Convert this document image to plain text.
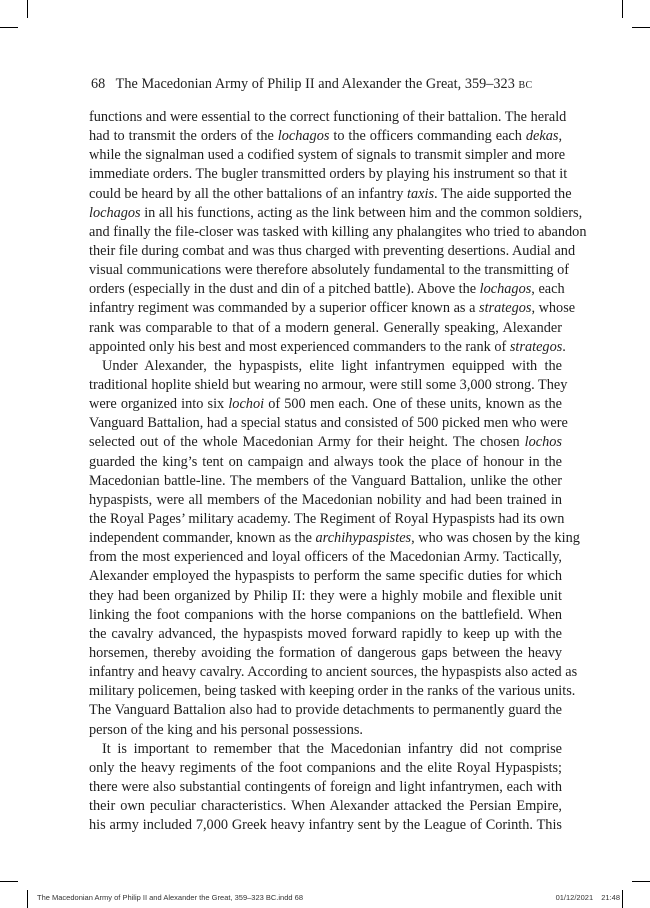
68 The Macedonian Army of Philip II and Alexander the Great, 359–323 BC
functions and were essential to the correct functioning of their battalion. The herald
had to transmit the orders of the lochagos to the officers commanding each dekas,
while the signalman used a codified system of signals to transmit simpler and more
immediate orders. The bugler transmitted orders by playing his instrument so that it
could be heard by all the other battalions of an infantry taxis. The aide supported the
lochagos in all his functions, acting as the link between him and the common soldiers,
and finally the file-closer was tasked with killing any phalangites who tried to abandon
their file during combat and was thus charged with preventing desertions. Audial and
visual communications were therefore absolutely fundamental to the transmitting of
orders (especially in the dust and din of a pitched battle). Above the lochagos, each
infantry regiment was commanded by a superior officer known as a strategos, whose
rank was comparable to that of a modern general. Generally speaking, Alexander
appointed only his best and most experienced commanders to the rank of strategos.
Under Alexander, the hypaspists, elite light infantrymen equipped with the
traditional hoplite shield but wearing no armour, were still some 3,000 strong. They
were organized into six lochoi of 500 men each. One of these units, known as the
Vanguard Battalion, had a special status and consisted of 500 picked men who were
selected out of the whole Macedonian Army for their height. The chosen lochos
guarded the king’s tent on campaign and always took the place of honour in the
Macedonian battle-line. The members of the Vanguard Battalion, unlike the other
hypaspists, were all members of the Macedonian nobility and had been trained in
the Royal Pages’ military academy. The Regiment of Royal Hypaspists had its own
independent commander, known as the archihypaspistes, who was chosen by the king
from the most experienced and loyal officers of the Macedonian Army. Tactically,
Alexander employed the hypaspists to perform the same specific duties for which
they had been organized by Philip II: they were a highly mobile and flexible unit
linking the foot companions with the horse companions on the battlefield. When
the cavalry advanced, the hypaspists moved forward rapidly to keep up with the
horsemen, thereby avoiding the formation of dangerous gaps between the heavy
infantry and heavy cavalry. According to ancient sources, the hypaspists also acted as
military policemen, being tasked with keeping order in the ranks of the various units.
The Vanguard Battalion also had to provide detachments to permanently guard the
person of the king and his personal possessions.
It is important to remember that the Macedonian infantry did not comprise
only the heavy regiments of the foot companions and the elite Royal Hypaspists;
there were also substantial contingents of foreign and light infantrymen, each with
their own peculiar characteristics. When Alexander attacked the Persian Empire,
his army included 7,000 Greek heavy infantry sent by the League of Corinth. This
The Macedonian Army of Philip II and Alexander the Great, 359–323 BC.indd 68	01/12/2021 21:48
